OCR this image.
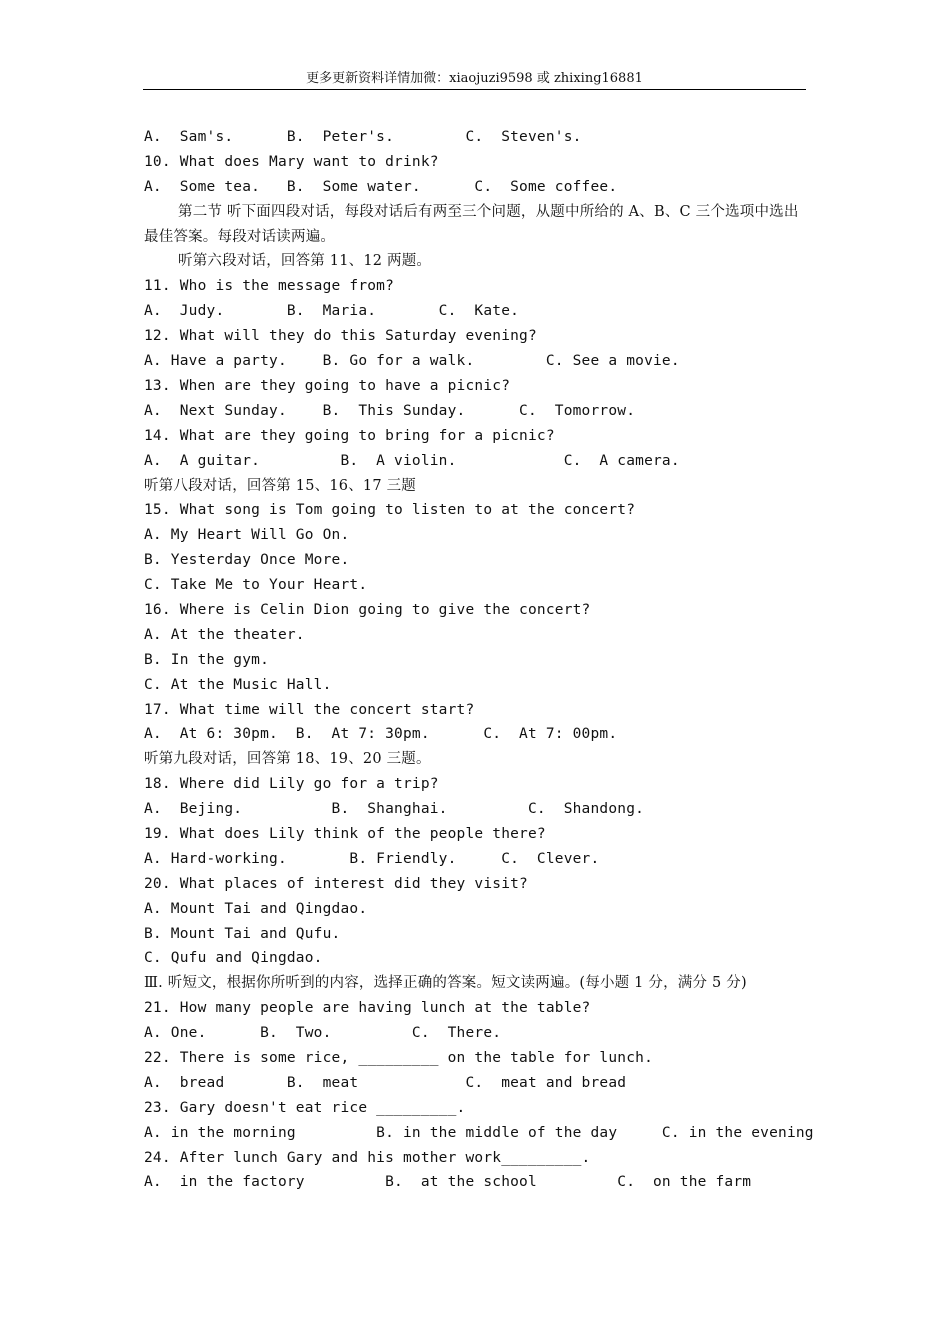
更多更新资料详情加微：xiaojuzi9598 或 zhixing16881
A.  Sam's.      B.  Peter's.        C.  Steven's.
10. What does Mary want to drink?
A.  Some tea.   B.  Some water.      C.  Some coffee.
第二节 听下面四段对话，每段对话后有两至三个问题，从题中所给的 A、B、C 三个选项中选出最佳答案。每段对话读两遍。
听第六段对话，回答第 11、12 两题。
11. Who is the message from?
A.  Judy.       B.  Maria.       C.  Kate.
12. What will they do this Saturday evening?
A. Have a party.    B. Go for a walk.        C. See a movie.
13. When are they going to have a picnic?
A.  Next Sunday.    B.  This Sunday.      C.  Tomorrow.
14. What are they going to bring for a picnic?
A.  A guitar.         B.  A violin.            C.  A camera.
听第八段对话，回答第 15、16、17 三题
15. What song is Tom going to listen to at the concert?
A. My Heart Will Go On.
B. Yesterday Once More.
C. Take Me to Your Heart.
16. Where is Celin Dion going to give the concert?
A. At the theater.
B. In the gym.
C. At the Music Hall.
17. What time will the concert start?
A.  At 6: 30pm.  B.  At 7: 30pm.      C.  At 7: 00pm.
听第九段对话，回答第 18、19、20 三题。
18. Where did Lily go for a trip?
A.  Bejing.          B.  Shanghai.         C.  Shandong.
19. What does Lily think of the people there?
A. Hard-working.       B. Friendly.     C.  Clever.
20. What places of interest did they visit?
A. Mount Tai and Qingdao.
B. Mount Tai and Qufu.
C. Qufu and Qingdao.
Ⅲ. 听短文，根据你所听到的内容，选择正确的答案。短文读两遍。(每小题 1 分，满分 5 分)
21. How many people are having lunch at the table?
A. One.      B.  Two.         C.  There.
22. There is some rice, _________ on the table for lunch.
A.  bread       B.  meat            C.  meat and bread
23. Gary doesn't eat rice _________.
A. in the morning         B. in the middle of the day     C. in the evening
24. After lunch Gary and his mother work_________.
A.  in the factory         B.  at the school         C.  on the farm
